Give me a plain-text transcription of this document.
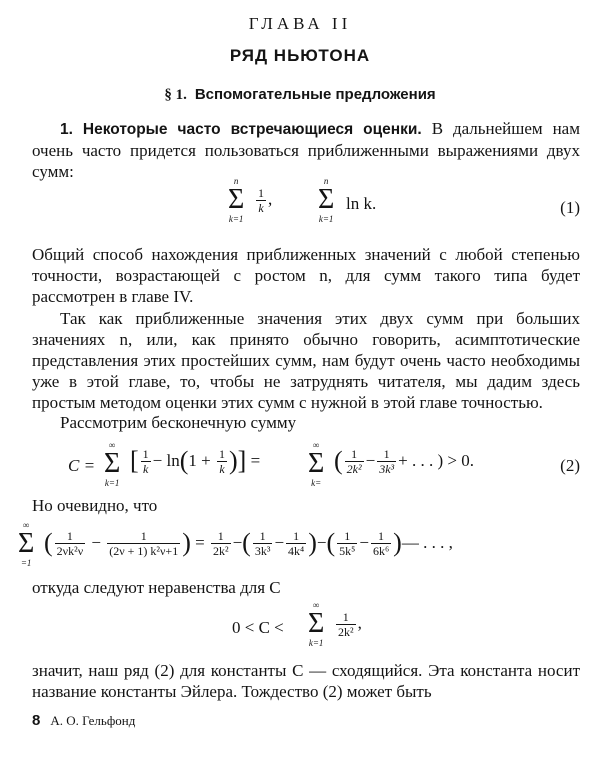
ГЛАВА II
РЯД НЬЮТОНА
§ 1. Вспомогательные предложения
1. Некоторые часто встречающиеся оценки. В дальнейшем нам очень часто придется пользоваться приближенными выражениями двух сумм:	n
Σ
k=1
$\frac{1}{k}$ ,
n
Σ
k=1
ln k.	(1)
Общий способ нахождения приближенных значений с любой степенью точности, возрастающей с ростом n, для сумм такого типа будет рассмотрен в главе IV.
Так как приближенные значения этих двух сумм при больших значениях n, или, как принято обычно говорить, асимптотические представления этих простейших сумм, нам будут очень часто необходимы уже в этой главе, то, чтобы не затруднять читателя, мы дадим здесь простым методом оценки этих сумм с нужной в этой главе точностью.
Рассмотрим бесконечную сумму
C =
∞
Σ
k=1
[ $\frac{1}{k} - \ln(1 + \frac{1}{k}$ )] =
∞
Σ
k=
( $\frac{1}{\text{2k²}} - \frac{1}{\text{3k³}}$ + . . . ) > 0.	(2)
Но очевидно, что
∞
Σ
=1
( $\frac{1}{\text{2νk²ν}} - \frac{1}{\text{(2ν + 1) k²ν+1}}$ ) = $\frac{1}{\text{2k²}}$ −( $\frac{1}{\text{3k³}} - \frac{1}{\text{4k⁴}}$ )−( $\frac{1}{\text{5k⁵}} - \frac{1}{\text{6k⁶}}$ )— . . . ,
откуда следуют неравенства для C
0 < C <
∞
Σ
k=1
$\frac{1}{\text{2k²}}$ ,
значит, наш ряд (2) для константы C — сходящийся. Эта константа носит название константы Эйлера. Тождество (2) может быть
8 А. О. Гельфонд
